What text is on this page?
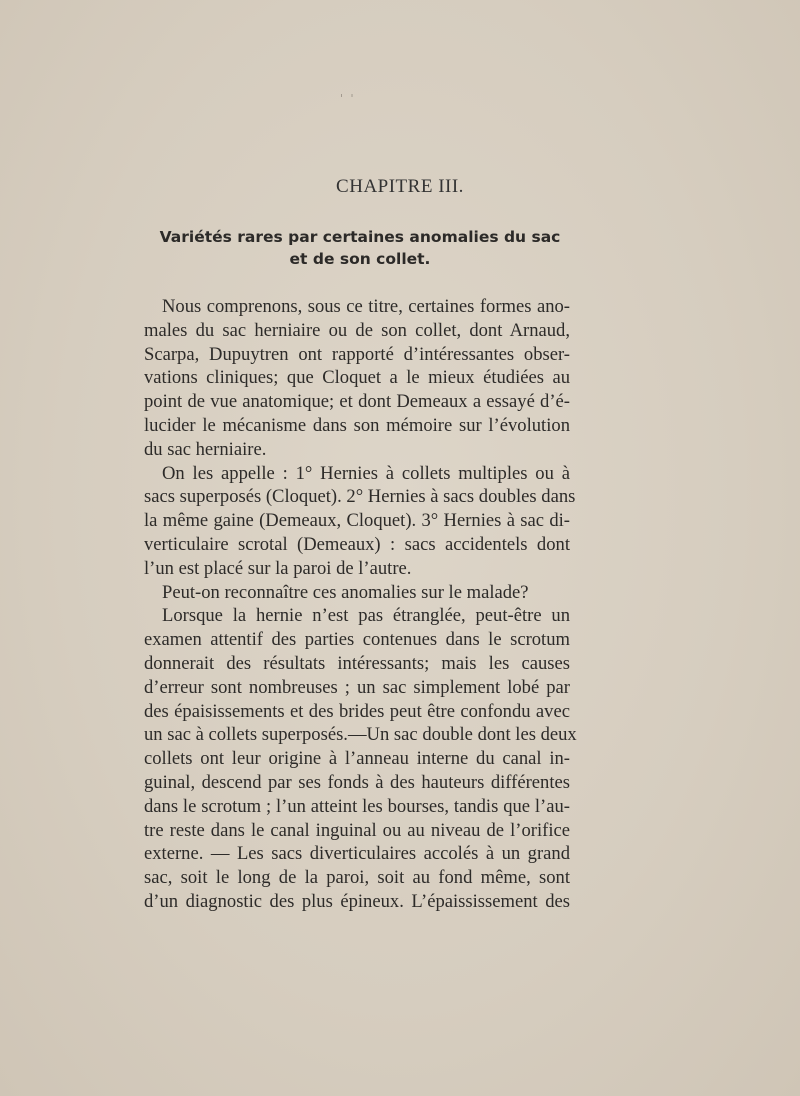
' '
CHAPITRE III.
Variétés rares par certaines anomalies du sac
et de son collet.
Nous comprenons, sous ce titre, certaines formes ano-
males du sac herniaire ou de son collet, dont Arnaud,
Scarpa, Dupuytren ont rapporté d’intéressantes obser-
vations cliniques; que Cloquet a le mieux étudiées au
point de vue anatomique; et dont Demeaux a essayé d’é-
lucider le mécanisme dans son mémoire sur l’évolution
du sac herniaire.
On les appelle : 1° Hernies à collets multiples ou à
sacs superposés (Cloquet). 2° Hernies à sacs doubles dans
la même gaine (Demeaux, Cloquet). 3° Hernies à sac di-
verticulaire scrotal (Demeaux) : sacs accidentels dont
l’un est placé sur la paroi de l’autre.
Peut-on reconnaître ces anomalies sur le malade?
Lorsque la hernie n’est pas étranglée, peut-être un
examen attentif des parties contenues dans le scrotum
donnerait des résultats intéressants; mais les causes
d’erreur sont nombreuses ; un sac simplement lobé par
des épaisissements et des brides peut être confondu avec
un sac à collets superposés.—Un sac double dont les deux
collets ont leur origine à l’anneau interne du canal in-
guinal, descend par ses fonds à des hauteurs différentes
dans le scrotum ; l’un atteint les bourses, tandis que l’au-
tre reste dans le canal inguinal ou au niveau de l’orifice
externe. — Les sacs diverticulaires accolés à un grand
sac, soit le long de la paroi, soit au fond même, sont
d’un diagnostic des plus épineux. L’épaississement des
